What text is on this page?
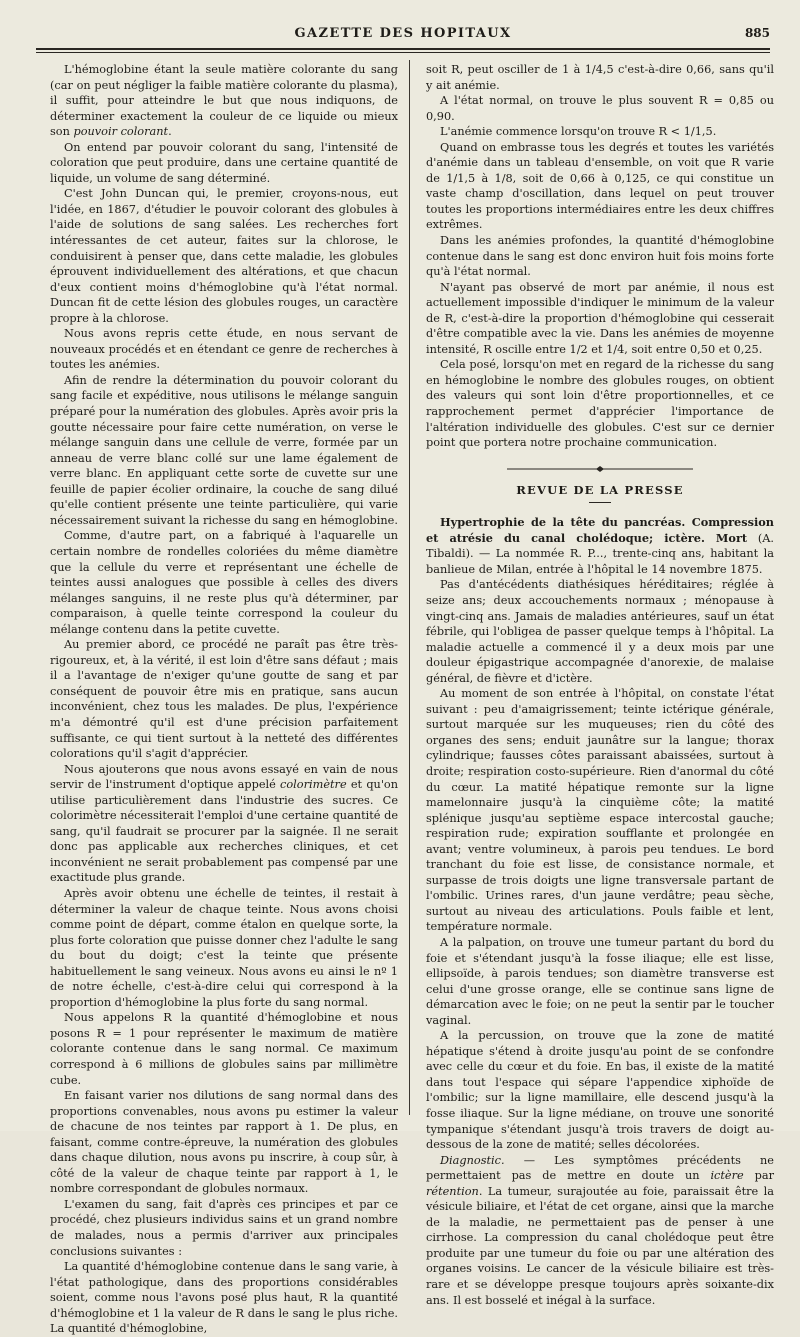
GAZETTE DES HOPITAUX	885

L'hémoglobine étant la seule matière colorante du sang (car on peut négliger la faible matière colorante du plasma), il suffit, pour atteindre le but que nous indiquons, de déterminer exactement la couleur de ce liquide ou mieux son pouvoir colorant.

On entend par pouvoir colorant du sang, l'intensité de coloration que peut produire, dans une certaine quantité de liquide, un volume de sang déterminé.

C'est John Duncan qui, le premier, croyons-nous, eut l'idée, en 1867, d'étudier le pouvoir colorant des globules à l'aide de solutions de sang salées. Les recherches fort intéressantes de cet auteur, faites sur la chlorose, le conduisirent à penser que, dans cette maladie, les globules éprouvent individuellement des altérations, et que chacun d'eux contient moins d'hémoglobine qu'à l'état normal. Duncan fit de cette lésion des globules rouges, un caractère propre à la chlorose.

Nous avons repris cette étude, en nous servant de nouveaux procédés et en étendant ce genre de recherches à toutes les anémies.

Afin de rendre la détermination du pouvoir colorant du sang facile et expéditive, nous utilisons le mélange sanguin préparé pour la numération des globules. Après avoir pris la goutte nécessaire pour faire cette numération, on verse le mélange sanguin dans une cellule de verre, formée par un anneau de verre blanc collé sur une lame également de verre blanc. En appliquant cette sorte de cuvette sur une feuille de papier écolier ordinaire, la couche de sang dilué qu'elle contient présente une teinte particulière, qui varie nécessairement suivant la richesse du sang en hémoglobine.

Comme, d'autre part, on a fabriqué à l'aquarelle un certain nombre de rondelles coloriées du même diamètre que la cellule du verre et représentant une échelle de teintes aussi analogues que possible à celles des divers mélanges sanguins, il ne reste plus qu'à déterminer, par comparaison, à quelle teinte correspond la couleur du mélange contenu dans la petite cuvette.

Au premier abord, ce procédé ne paraît pas être très-rigoureux, et, à la vérité, il est loin d'être sans défaut ; mais il a l'avantage de n'exiger qu'une goutte de sang et par conséquent de pouvoir être mis en pratique, sans aucun inconvénient, chez tous les malades. De plus, l'expérience m'a démontré qu'il est d'une précision parfaitement suffisante, ce qui tient surtout à la netteté des différentes colorations qu'il s'agit d'apprécier.

Nous ajouterons que nous avons essayé en vain de nous servir de l'instrument d'optique appelé colorimètre et qu'on utilise particulièrement dans l'industrie des sucres. Ce colorimètre nécessiterait l'emploi d'une certaine quantité de sang, qu'il faudrait se procurer par la saignée. Il ne serait donc pas applicable aux recherches cliniques, et cet inconvénient ne serait probablement pas compensé par une exactitude plus grande.

Après avoir obtenu une échelle de teintes, il restait à déterminer la valeur de chaque teinte. Nous avons choisi comme point de départ, comme étalon en quelque sorte, la plus forte coloration que puisse donner chez l'adulte le sang du bout du doigt; c'est la teinte que présente habituellement le sang veineux. Nous avons eu ainsi le nº 1 de notre échelle, c'est-à-dire celui qui correspond à la proportion d'hémoglobine la plus forte du sang normal.

Nous appelons R la quantité d'hémoglobine et nous posons R = 1 pour représenter le maximum de matière colorante contenue dans le sang normal. Ce maximum correspond à 6 millions de globules sains par millimètre cube.

En faisant varier nos dilutions de sang normal dans des proportions convenables, nous avons pu estimer la valeur de chacune de nos teintes par rapport à 1. De plus, en faisant, comme contre-épreuve, la numération des globules dans chaque dilution, nous avons pu inscrire, à coup sûr, à côté de la valeur de chaque teinte par rapport à 1, le nombre correspondant de globules normaux.

L'examen du sang, fait d'après ces principes et par ce procédé, chez plusieurs individus sains et un grand nombre de malades, nous a permis d'arriver aux principales conclusions suivantes :

La quantité d'hémoglobine contenue dans le sang varie, à l'état pathologique, dans des proportions considérables soient, comme nous l'avons posé plus haut, R la quantité d'hémoglobine et 1 la valeur de R dans le sang le plus riche. La quantité d'hémoglobine,

soit R, peut osciller de 1 à 1/4,5 c'est-à-dire 0,66, sans qu'il y ait anémie.

A l'état normal, on trouve le plus souvent R = 0,85 ou 0,90.

L'anémie commence lorsqu'on trouve R < 1/1,5.

Quand on embrasse tous les degrés et toutes les variétés d'anémie dans un tableau d'ensemble, on voit que R varie de 1/1,5 à 1/8, soit de 0,66 à 0,125, ce qui constitue un vaste champ d'oscillation, dans lequel on peut trouver toutes les proportions intermédiaires entre les deux chiffres extrêmes.

Dans les anémies profondes, la quantité d'hémoglobine contenue dans le sang est donc environ huit fois moins forte qu'à l'état normal.

N'ayant pas observé de mort par anémie, il nous est actuellement impossible d'indiquer le minimum de la valeur de R, c'est-à-dire la proportion d'hémoglobine qui cesserait d'être compatible avec la vie. Dans les anémies de moyenne intensité, R oscille entre 1/2 et 1/4, soit entre 0,50 et 0,25.

Cela posé, lorsqu'on met en regard de la richesse du sang en hémoglobine le nombre des globules rouges, on obtient des valeurs qui sont loin d'être proportionnelles, et ce rapprochement permet d'apprécier l'importance de l'altération individuelle des globules. C'est sur ce dernier point que portera notre prochaine communication.

REVUE DE LA PRESSE

Hypertrophie de la tête du pancréas. Compression et atrésie du canal cholédoque; ictère. Mort (A. Tibaldi). — La nommée R. P..., trente-cinq ans, habitant la banlieue de Milan, entrée à l'hôpital le 14 novembre 1875.

Pas d'antécédents diathésiques héréditaires; réglée à seize ans; deux accouchements normaux ; ménopause à vingt-cinq ans. Jamais de maladies antérieures, sauf un état fébrile, qui l'obligea de passer quelque temps à l'hôpital. La maladie actuelle a commencé il y a deux mois par une douleur épigastrique accompagnée d'anorexie, de malaise général, de fièvre et d'ictère.

Au moment de son entrée à l'hôpital, on constate l'état suivant : peu d'amaigrissement; teinte ictérique générale, surtout marquée sur les muqueuses; rien du côté des organes des sens; enduit jaunâtre sur la langue; thorax cylindrique; fausses côtes paraissant abaissées, surtout à droite; respiration costo-supérieure. Rien d'anormal du côté du cœur. La matité hépatique remonte sur la ligne mamelonnaire jusqu'à la cinquième côte; la matité splénique jusqu'au septième espace intercostal gauche; respiration rude; expiration soufflante et prolongée en avant; ventre volumineux, à parois peu tendues. Le bord tranchant du foie est lisse, de consistance normale, et surpasse de trois doigts une ligne transversale partant de l'ombilic. Urines rares, d'un jaune verdâtre; peau sèche, surtout au niveau des articulations. Pouls faible et lent, température normale.

A la palpation, on trouve une tumeur partant du bord du foie et s'étendant jusqu'à la fosse iliaque; elle est lisse, ellipsoïde, à parois tendues; son diamètre transverse est celui d'une grosse orange, elle se continue sans ligne de démarcation avec le foie; on ne peut la sentir par le toucher vaginal.

A la percussion, on trouve que la zone de matité hépatique s'étend à droite jusqu'au point de se confondre avec celle du cœur et du foie. En bas, il existe de la matité dans tout l'espace qui sépare l'appendice xiphoïde de l'ombilic; sur la ligne mamillaire, elle descend jusqu'à la fosse iliaque. Sur la ligne médiane, on trouve une sonorité tympanique s'étendant jusqu'à trois travers de doigt au-dessous de la zone de matité; selles décolorées.

Diagnostic. — Les symptômes précédents ne permettaient pas de mettre en doute un ictère par rétention. La tumeur, surajoutée au foie, paraissait être la vésicule biliaire, et l'état de cet organe, ainsi que la marche de la maladie, ne permettaient pas de penser à une cirrhose. La compression du canal cholédoque peut être produite par une tumeur du foie ou par une altération des organes voisins. Le cancer de la vésicule biliaire est très-rare et se développe presque toujours après soixante-dix ans. Il est bosselé et inégal à la surface.
